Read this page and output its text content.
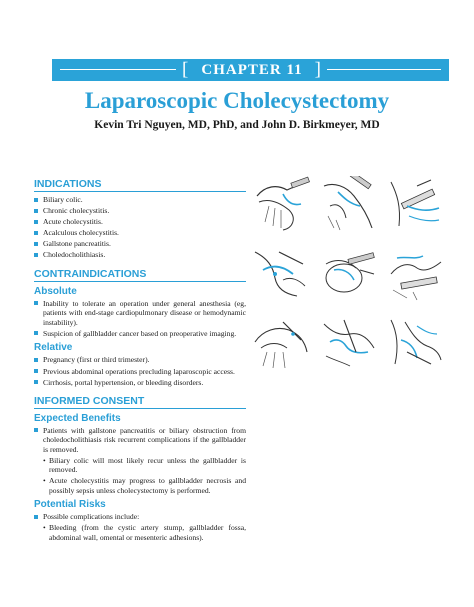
[ CHAPTER 11 ]
Laparoscopic Cholecystectomy
Kevin Tri Nguyen, MD, PhD, and John D. Birkmeyer, MD
INDICATIONS
Biliary colic.
Chronic cholecystitis.
Acute cholecystitis.
Acalculous cholecystitis.
Gallstone pancreatitis.
Choledocholithiasis.
CONTRAINDICATIONS
Absolute
Inability to tolerate an operation under general anesthesia (eg, patients with end-stage cardiopulmonary disease or hemodynamic instability).
Suspicion of gallbladder cancer based on preoperative imaging.
Relative
Pregnancy (first or third trimester).
Previous abdominal operations precluding laparoscopic access.
Cirrhosis, portal hypertension, or bleeding disorders.
INFORMED CONSENT
Expected Benefits
Patients with gallstone pancreatitis or biliary obstruction from choledocholithiasis risk recurrent complications if the gallbladder is removed.
• Biliary colic will most likely recur unless the gallbladder is removed.
• Acute cholecystitis may progress to gallbladder necrosis and possibly sepsis unless cholecystectomy is performed.
Potential Risks
Possible complications include:
• Bleeding (from the cystic artery stump, gallbladder fossa, abdominal wall, omental or mesenteric adhesions).
